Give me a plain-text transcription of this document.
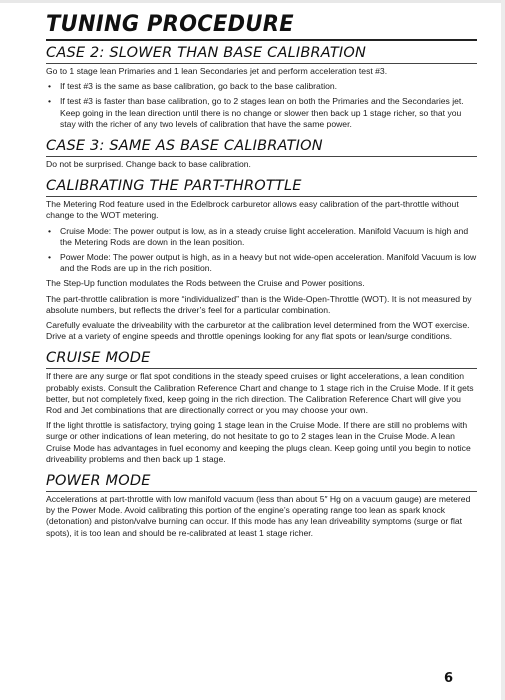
TUNING PROCEDURE
CASE 2: SLOWER THAN BASE CALIBRATION

Go to 1 stage lean Primaries and 1 lean Secondaries jet and perform acceleration test #3.

• If test #3 is the same as base calibration, go back to the base calibration.
• If test #3 is faster than base calibration, go to 2 stages lean on both the Primaries and the Secondaries jet. Keep going in the lean direction until there is no change or slower then back up 1 stage richer, so that you stay with the richer of any two levels of calibration that have the same power.
CASE 3: SAME AS BASE CALIBRATION

Do not be surprised. Change back to base calibration.

CALIBRATING THE PART-THROTTLE

The Metering Rod feature used in the Edelbrock carburetor allows easy calibration of the part-throttle without change to the WOT metering.

• Cruise Mode: The power output is low, as in a steady cruise light acceleration. Manifold Vacuum is high and the Metering Rods are down in the lean position.
• Power Mode: The power output is high, as in a heavy but not wide-open acceleration. Manifold Vacuum is low and the Rods are up in the rich position.

The Step-Up function modulates the Rods between the Cruise and Power positions.

The part-throttle calibration is more “individualized” than is the Wide-Open-Throttle (WOT). It is not measured by absolute numbers, but reflects the driver’s feel for a particular combination.

Carefully evaluate the driveability with the carburetor at the calibration level determined from the WOT exercise. Drive at a variety of engine speeds and throttle openings looking for any flat spots or lean/surge conditions.

CRUISE MODE

If there are any surge or flat spot conditions in the steady speed cruises or light accelerations, a lean condition probably exists. Consult the Calibration Reference Chart and change to 1 stage rich in the Cruise Mode. If it gets better, but not completely fixed, keep going in the rich direction. The Calibration Reference Chart will give you Rod and Jet combinations that are directionally correct or you may choose your own.

If the light throttle is satisfactory, trying going 1 stage lean in the Cruise Mode. If there are still no problems with surge or other indications of lean metering, do not hesitate to go to 2 stages lean in the Cruise Mode. A lean Cruise Mode has advantages in fuel economy and keeping the plugs clean. Keep going until you begin to notice driveability problems and then back up 1 stage.

POWER MODE

Accelerations at part-throttle with low manifold vacuum (less than about 5″ Hg on a vacuum gauge) are metered by the Power Mode. Avoid calibrating this portion of the engine’s operating range too lean as spark knock (detonation) and piston/valve burning can occur. If this mode has any lean driveability symptoms (surge or flat spots), it is too lean and should be re-calibrated at least 1 stage richer.

6
